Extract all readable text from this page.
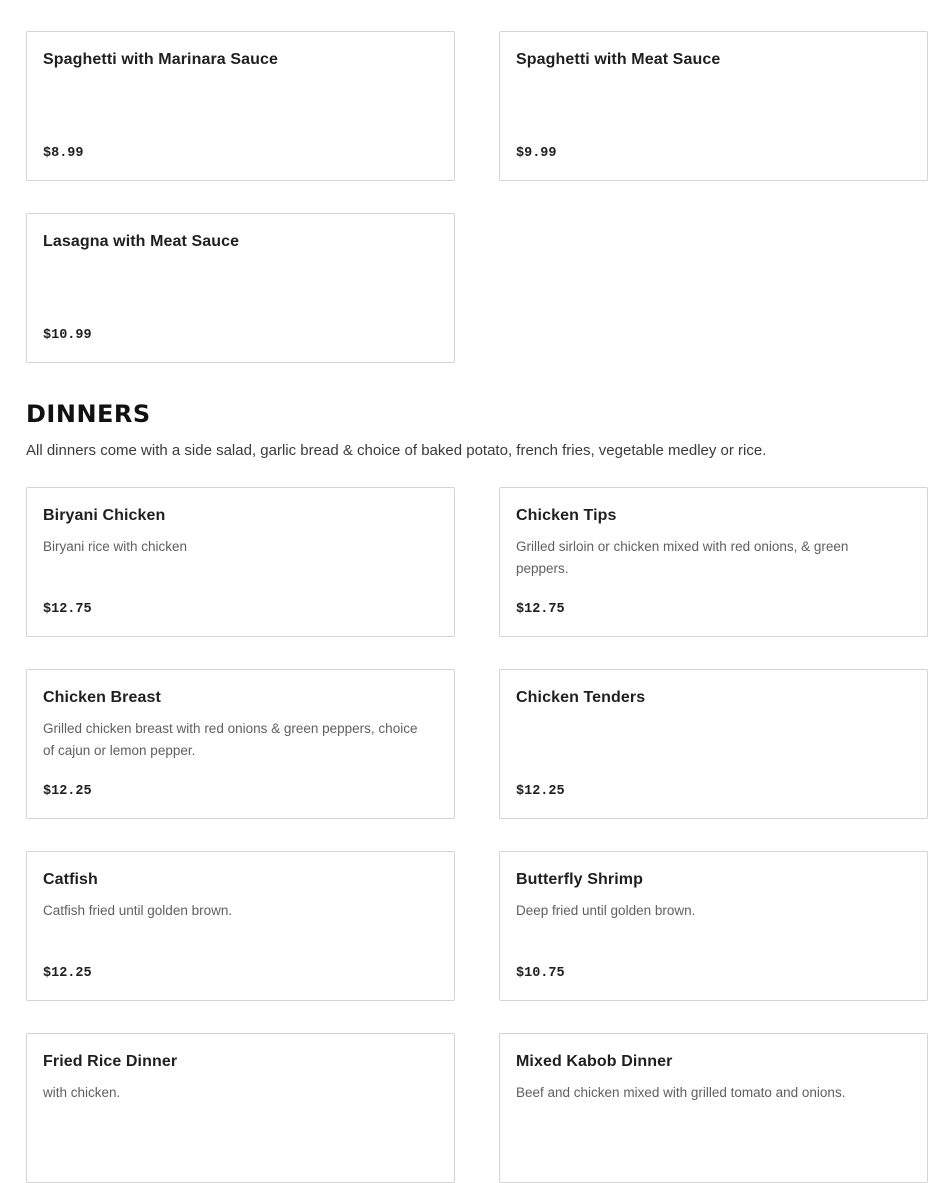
Spaghetti with Marinara Sauce
$8.99
Spaghetti with Meat Sauce
$9.99
Lasagna with Meat Sauce
$10.99
DINNERS
All dinners come with a side salad, garlic bread & choice of baked potato, french fries, vegetable medley or rice.
Biryani Chicken
Biryani rice with chicken
$12.75
Chicken Tips
Grilled sirloin or chicken mixed with red onions, & green peppers.
$12.75
Chicken Breast
Grilled chicken breast with red onions & green peppers, choice of cajun or lemon pepper.
$12.25
Chicken Tenders
$12.25
Catfish
Catfish fried until golden brown.
$12.25
Butterfly Shrimp
Deep fried until golden brown.
$10.75
Fried Rice Dinner
with chicken.
Mixed Kabob Dinner
Beef and chicken mixed with grilled tomato and onions.
